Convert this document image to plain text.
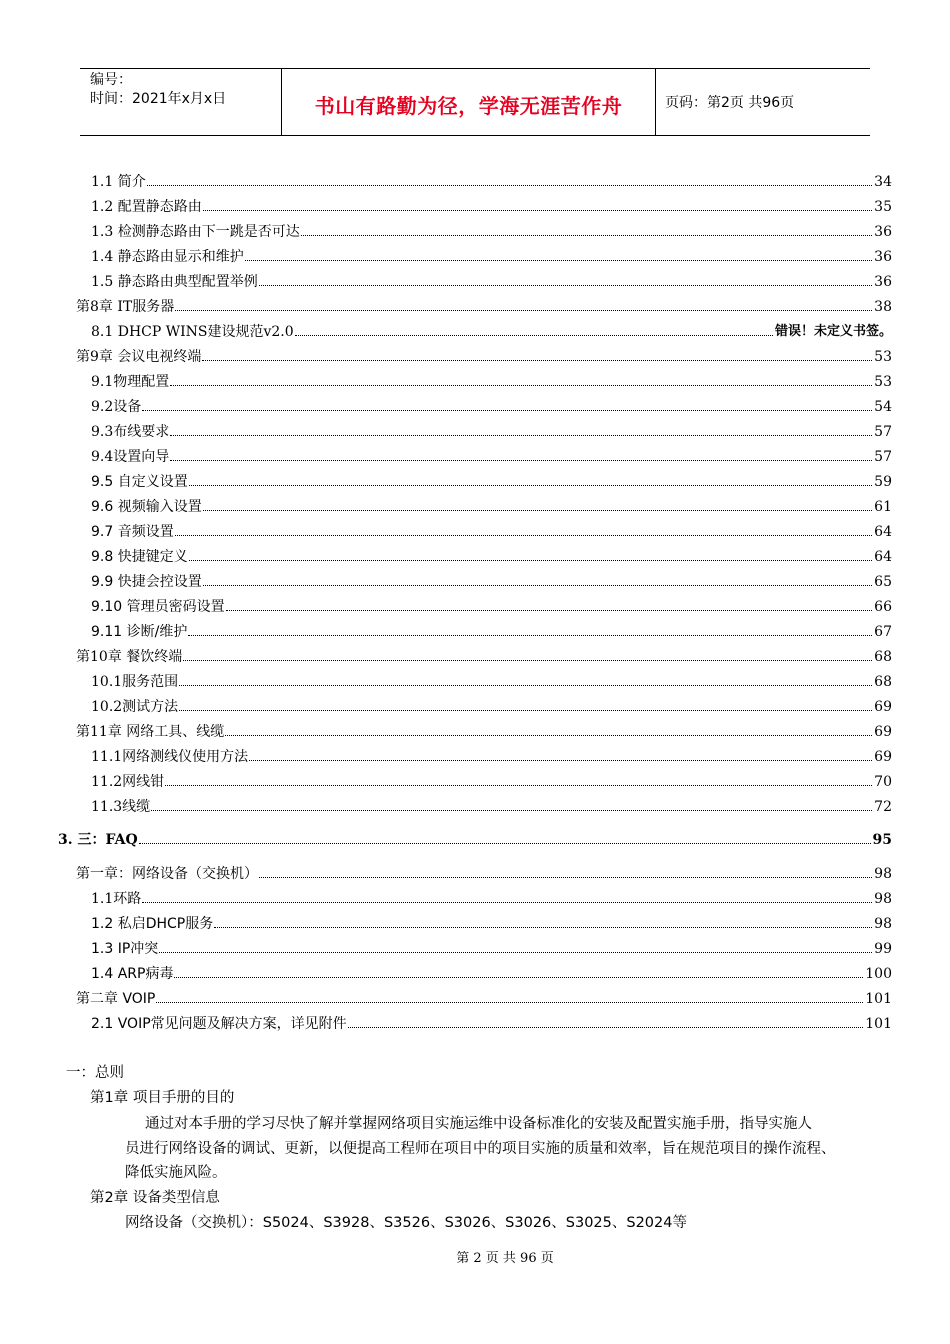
编号：
时间：2021年x月x日	书山有路勤为径，学海无涯苦作舟	页码：第2页 共96页
1.1 简介	34
1.2 配置静态路由	35
1.3 检测静态路由下一跳是否可达	36
1.4 静态路由显示和维护	36
1.5 静态路由典型配置举例	36
第8章 IT服务器	38
8.1 DHCP WINS建设规范v2.0	错误！未定义书签。
第9章 会议电视终端	53
9.1物理配置	53
9.2设备	54
9.3布线要求	57
9.4设置向导	57
9.5 自定义设置	59
9.6 视频输入设置	61
9.7 音频设置	64
9.8 快捷键定义	64
9.9 快捷会控设置	65
9.10 管理员密码设置	66
9.11 诊断/维护	67
第10章 餐饮终端	68
10.1服务范围	68
10.2测试方法	69
第11章 网络工具、线缆	69
11.1网络测线仪使用方法	69
11.2网线钳	70
11.3线缆	72
3. 三：FAQ	95
第一章：网络设备（交换机）	98
1.1环路	98
1.2 私启DHCP服务	98
1.3 IP冲突	99
1.4 ARP病毒	100
第二章 VOIP	101
2.1 VOIP常见问题及解决方案，详见附件	101
一：总则
第1章 项目手册的目的
通过对本手册的学习尽快了解并掌握网络项目实施运维中设备标准化的安装及配置实施手册，指导实施人
员进行网络设备的调试、更新，以便提高工程师在项目中的项目实施的质量和效率，旨在规范项目的操作流程、
降低实施风险。
第2章 设备类型信息
网络设备（交换机）：S5024、S3928、S3526、S3026、S3026、S3025、S2024等
第 2 页 共 96 页
